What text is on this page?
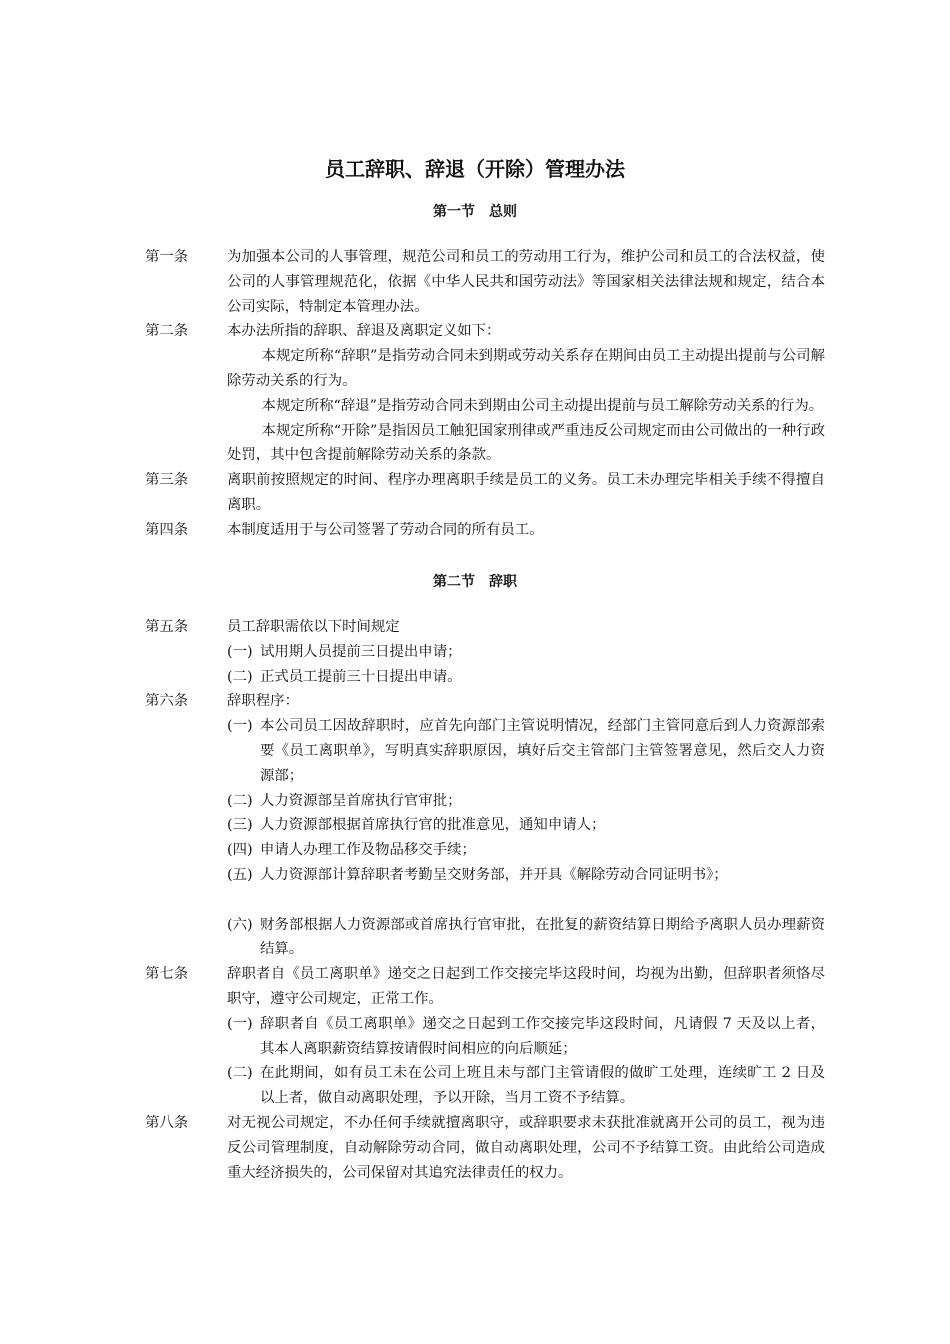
员工辞职、辞退（开除）管理办法
第一节　总则
第一条	为加强本公司的人事管理，规范公司和员工的劳动用工行为，维护公司和员工的合法权益，使公司的人事管理规范化，依据《中华人民共和国劳动法》等国家相关法律法规和规定，结合本公司实际，特制定本管理办法。
第二条	本办法所指的辞职、辞退及离职定义如下：
本规定所称“辞职”是指劳动合同未到期或劳动关系存在期间由员工主动提出提前与公司解除劳动关系的行为。
本规定所称“辞退”是指劳动合同未到期由公司主动提出提前与员工解除劳动关系的行为。
本规定所称“开除”是指因员工触犯国家刑律或严重违反公司规定而由公司做出的一种行政处罚，其中包含提前解除劳动关系的条款。
第三条	离职前按照规定的时间、程序办理离职手续是员工的义务。员工未办理完毕相关手续不得擅自离职。
第四条	本制度适用于与公司签署了劳动合同的所有员工。
第二节　辞职
第五条	员工辞职需依以下时间规定
(一) 试用期人员提前三日提出申请；
(二) 正式员工提前三十日提出申请。
第六条	辞职程序：
(一) 本公司员工因故辞职时，应首先向部门主管说明情况，经部门主管同意后到人力资源部索要《员工离职单》，写明真实辞职原因，填好后交主管部门主管签署意见，然后交人力资源部；
(二) 人力资源部呈首席执行官审批；
(三) 人力资源部根据首席执行官的批准意见，通知申请人；
(四) 申请人办理工作及物品移交手续；
(五) 人力资源部计算辞职者考勤呈交财务部，并开具《解除劳动合同证明书》；
(六) 财务部根据人力资源部或首席执行官审批，在批复的薪资结算日期给予离职人员办理薪资结算。
第七条	辞职者自《员工离职单》递交之日起到工作交接完毕这段时间，均视为出勤，但辞职者须恪尽职守，遵守公司规定，正常工作。
(一) 辞职者自《员工离职单》递交之日起到工作交接完毕这段时间，凡请假 7 天及以上者，其本人离职薪资结算按请假时间相应的向后顺延；
(二) 在此期间，如有员工未在公司上班且未与部门主管请假的做旷工处理，连续旷工 2 日及以上者，做自动离职处理，予以开除，当月工资不予结算。
第八条	对无视公司规定，不办任何手续就擅离职守，或辞职要求未获批准就离开公司的员工，视为违反公司管理制度，自动解除劳动合同，做自动离职处理，公司不予结算工资。由此给公司造成重大经济损失的，公司保留对其追究法律责任的权力。
